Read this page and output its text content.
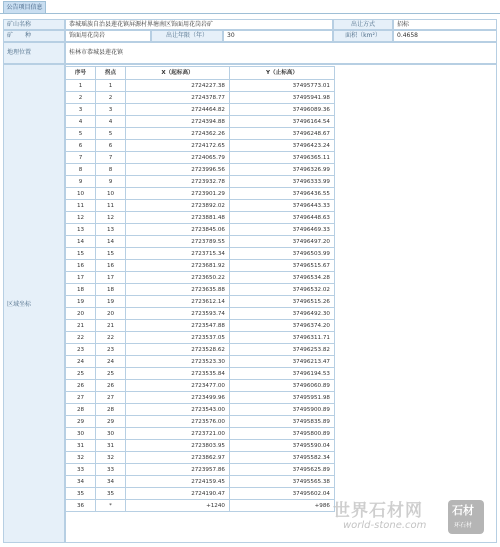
公告项目信息
矿山名称	恭城瑶族自治县莲花镇屏源村界塘南区饰面用花岗岩矿	出让方式	招标
矿　　种	饰面用花岗岩	出让年限（年）	30	面积（km²）	0.4658
地理位置	桂林市恭城县莲花镇
区域坐标
序号	拐点	X（起标高）	Y（止标高）
1	1	2724227.38	37495773.01
2	2	2724378.77	37495941.98
3	3	2724464.82	37496089.36
4	4	2724394.88	37496164.54
5	5	2724362.26	37496248.67
6	6	2724172.65	37496423.24
7	7	2724065.79	37496365.11
8	8	2723996.56	37496326.99
9	9	2723932.78	37496333.99
10	10	2723901.29	37496436.55
11	11	2723892.02	37496443.33
12	12	2723881.48	37496448.63
13	13	2723845.06	37496469.33
14	14	2723789.55	37496497.20
15	15	2723715.34	37496503.99
16	16	2723681.92	37496515.67
17	17	2723650.22	37496534.28
18	18	2723635.88	37496532.02
19	19	2723612.14	37496515.26
20	20	2723593.74	37496492.30
21	21	2723547.88	37496374.20
22	22	2723537.05	37496311.71
23	23	2723528.62	37496253.82
24	24	2723523.30	37496213.47
25	25	2723535.84	37496194.53
26	26	2723477.00	37496060.89
27	27	2723499.96	37495951.98
28	28	2723543.00	37495900.89
29	29	2723576.00	37495835.89
30	30	2723721.00	37495800.89
31	31	2723803.95	37495590.04
32	32	2723862.97	37495582.34
33	33	2723957.86	37495625.89
34	34	2724159.45	37495565.38
35	35	2724190.47	37495602.04
36	*	+1240	+986 世界石材网
world-stone.com
石材
环石材
